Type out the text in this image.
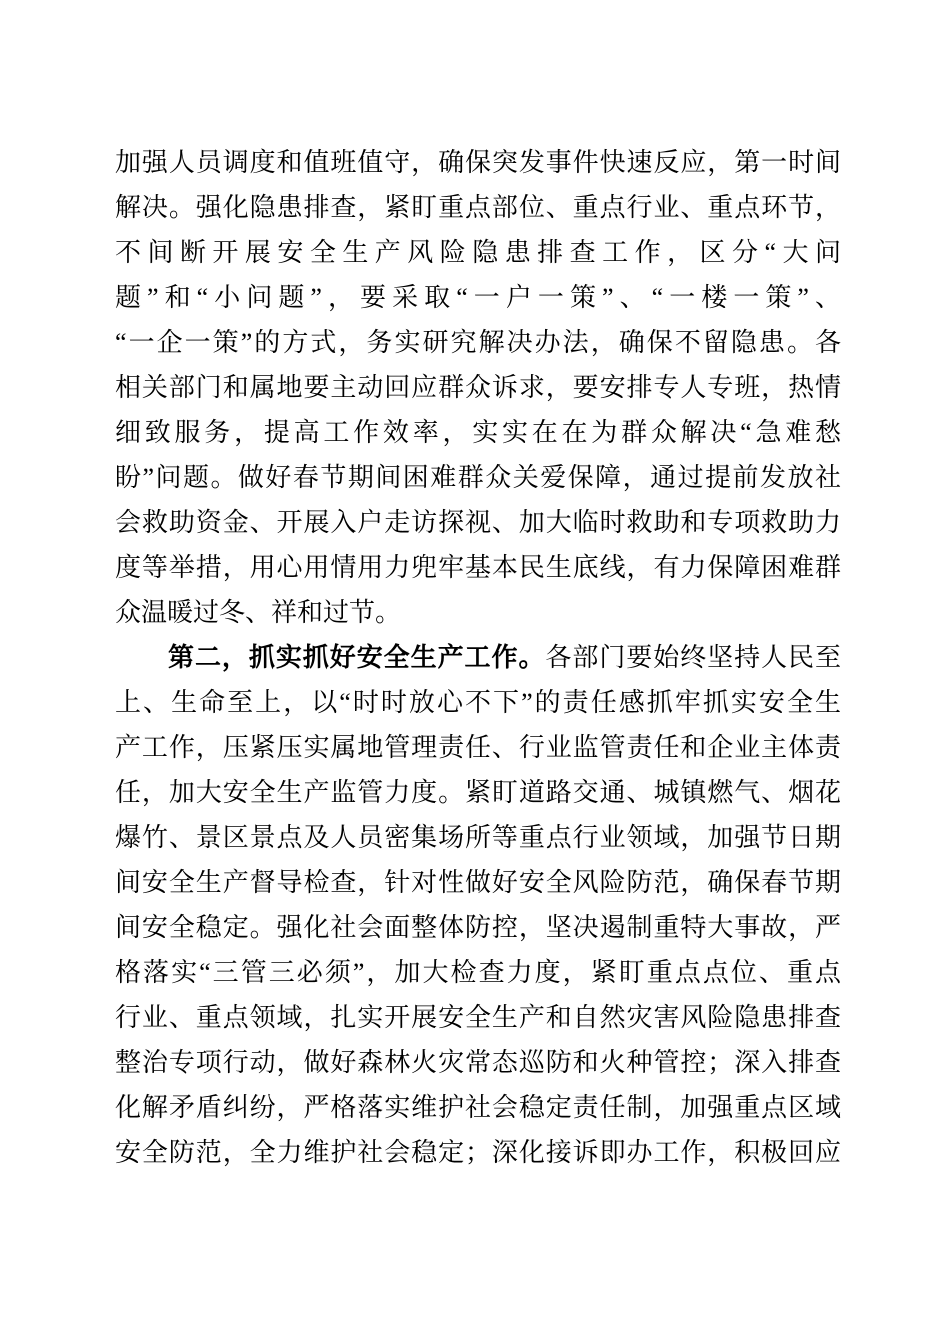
加强人员调度和值班值守，确保突发事件快速反应，第一时间
解决。强化隐患排查，紧盯重点部位、重点行业、重点环节，
不间断开展安全生产风险隐患排查工作，区分“大问
题”和“小问题”，要采取“一户一策”、“一楼一策”、
“一企一策”的方式，务实研究解决办法，确保不留隐患。各
相关部门和属地要主动回应群众诉求，要安排专人专班，热情
细致服务，提高工作效率，实实在在为群众解决“急难愁
盼”问题。做好春节期间困难群众关爱保障，通过提前发放社
会救助资金、开展入户走访探视、加大临时救助和专项救助力
度等举措，用心用情用力兜牢基本民生底线，有力保障困难群
众温暖过冬、祥和过节。
第二，抓实抓好安全生产工作。各部门要始终坚持人民至
上、生命至上，以“时时放心不下”的责任感抓牢抓实安全生
产工作，压紧压实属地管理责任、行业监管责任和企业主体责
任，加大安全生产监管力度。紧盯道路交通、城镇燃气、烟花
爆竹、景区景点及人员密集场所等重点行业领域，加强节日期
间安全生产督导检查，针对性做好安全风险防范，确保春节期
间安全稳定。强化社会面整体防控，坚决遏制重特大事故，严
格落实“三管三必须”，加大检查力度，紧盯重点点位、重点
行业、重点领域，扎实开展安全生产和自然灾害风险隐患排查
整治专项行动，做好森林火灾常态巡防和火种管控；深入排查
化解矛盾纠纷，严格落实维护社会稳定责任制，加强重点区域
安全防范，全力维护社会稳定；深化接诉即办工作，积极回应
